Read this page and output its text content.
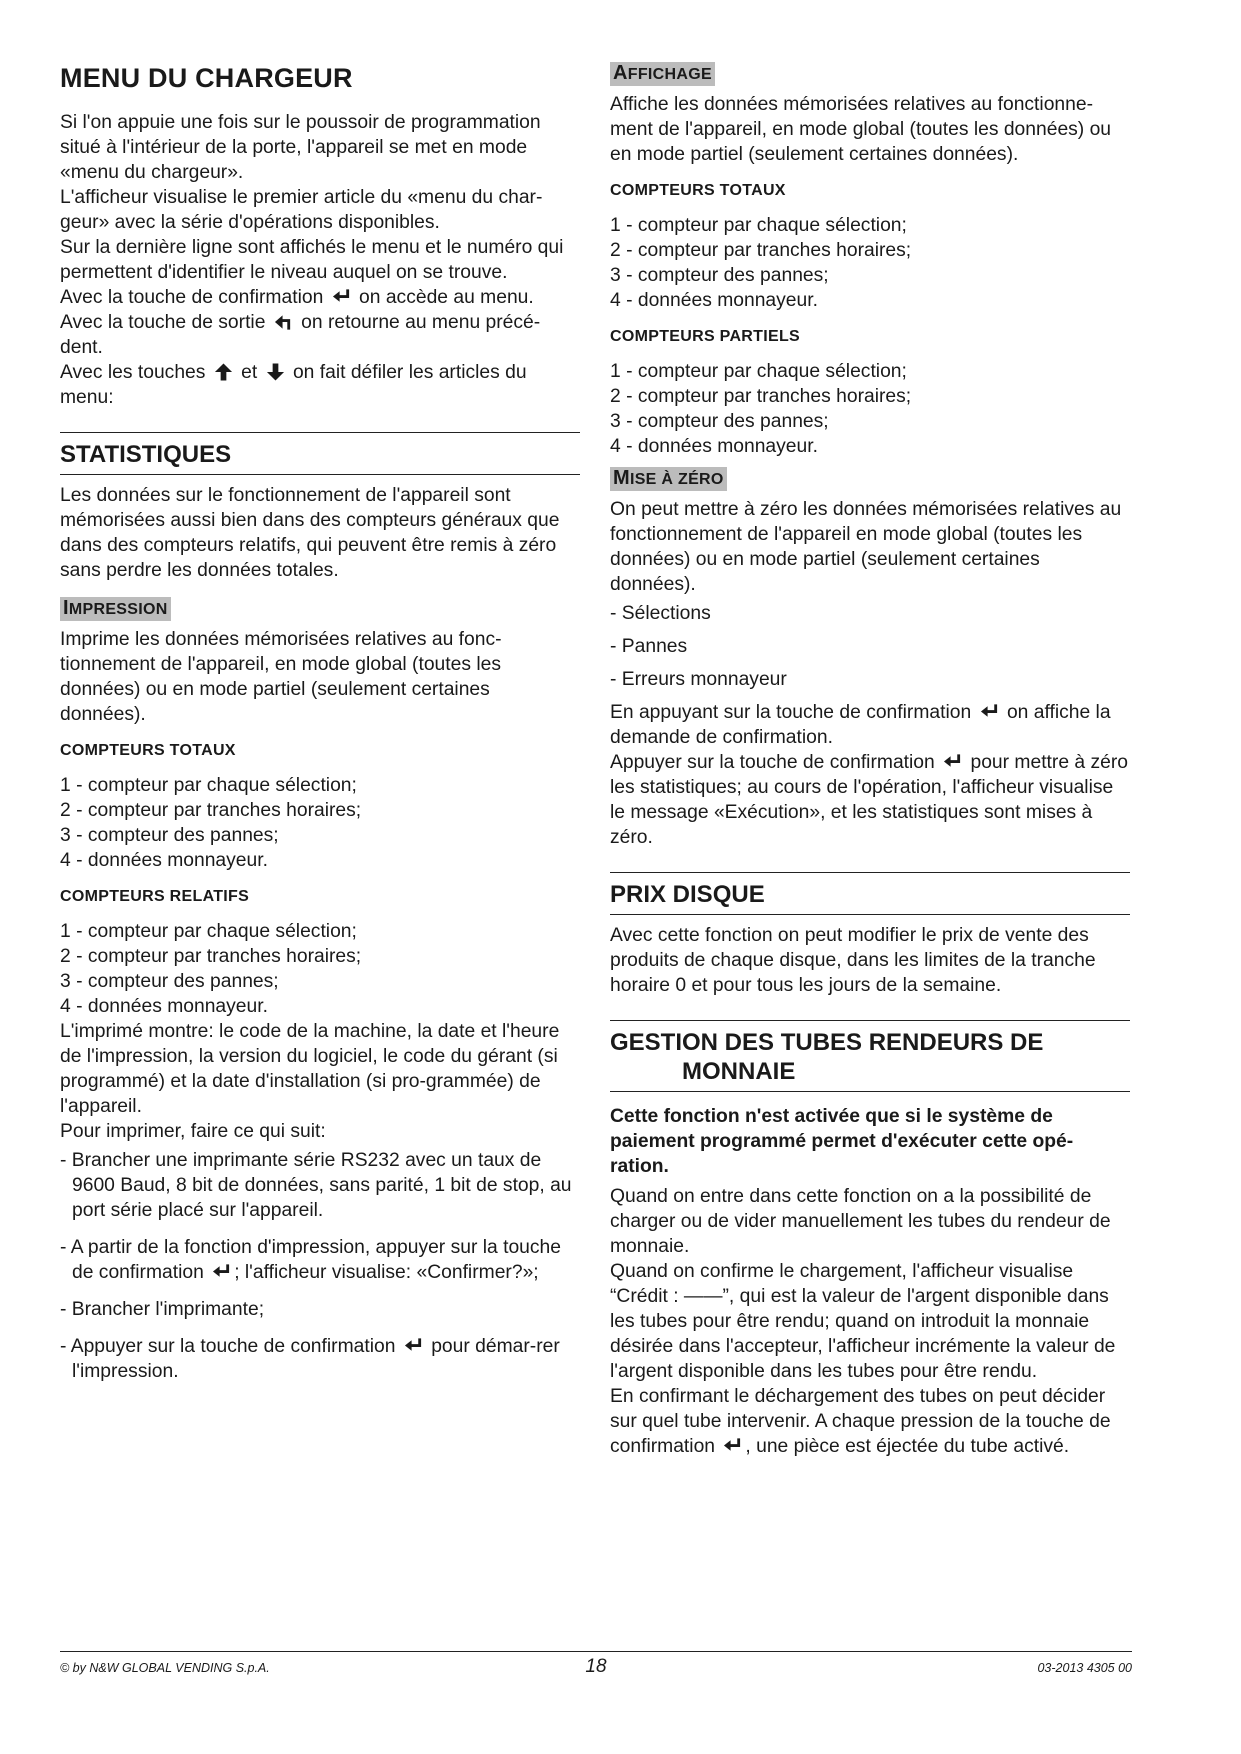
MENU DU CHARGEUR

Si l'on appuie une fois sur le poussoir de programmation situé à l'intérieur de la porte, l'appareil se met en mode «menu du chargeur».

L'afficheur visualise le premier article du «menu du char-geur» avec la série d'opérations disponibles.

Sur la dernière ligne sont affichés le menu et le numéro qui permettent d'identifier le niveau auquel on se trouve.

Avec la touche de confirmation on accède au menu.

Avec la touche de sortie on retourne au menu précé-dent.

Avec les touches et on fait défiler les articles du menu:

STATISTIQUES

Les données sur le fonctionnement de l'appareil sont mémorisées aussi bien dans des compteurs généraux que dans des compteurs relatifs, qui peuvent être remis à zéro sans perdre les données totales.

IMPRESSION

Imprime les données mémorisées relatives au fonc-tionnement de l'appareil, en mode global (toutes les données) ou en mode partiel (seulement certaines données).

COMPTEURS TOTAUX

1 - compteur par chaque sélection;

2 - compteur par tranches horaires;

3 - compteur des pannes;

4 - données monnayeur.

COMPTEURS RELATIFS

1 - compteur par chaque sélection;

2 - compteur par tranches horaires;

3 - compteur des pannes;

4 - données monnayeur.

L'imprimé montre: le code de la machine, la date et l'heure de l'impression, la version du logiciel, le code du gérant (si programmé) et la date d'installation (si pro-grammée) de l'appareil.

Pour imprimer, faire ce qui suit:

- Brancher une imprimante série RS232 avec un taux de 9600 Baud, 8 bit de données, sans parité, 1 bit de stop, au port série placé sur l'appareil.

- A partir de la fonction d'impression, appuyer sur la touche de confirmation ; l'afficheur visualise: «Confirmer?»;

- Brancher l'imprimante;

- Appuyer sur la touche de confirmation pour démar-rer l'impression.

AFFICHAGE

Affiche les données mémorisées relatives au fonctionne-ment de l'appareil, en mode global (toutes les données) ou en mode partiel (seulement certaines données).

COMPTEURS TOTAUX

1 - compteur par chaque sélection;

2 - compteur par tranches horaires;

3 - compteur des pannes;

4 - données monnayeur.

COMPTEURS PARTIELS

1 - compteur par chaque sélection;

2 - compteur par tranches horaires;

3 - compteur des pannes;

4 - données monnayeur.

MISE À ZÉRO

On peut mettre à zéro les données mémorisées relatives au fonctionnement de l'appareil en mode global (toutes les données) ou en mode partiel (seulement certaines données).

- Sélections

- Pannes

- Erreurs monnayeur

En appuyant sur la touche de confirmation on affiche la demande de confirmation.

Appuyer sur la touche de confirmation pour mettre à zéro les statistiques; au cours de l'opération, l'afficheur visualise le message «Exécution», et les statistiques sont mises à zéro.

PRIX DISQUE

Avec cette fonction on peut modifier le prix de vente des produits de chaque disque, dans les limites de la tranche horaire 0 et pour tous les jours de la semaine.

GESTION DES TUBES RENDEURS DE
MONNAIE

Cette fonction n'est activée que si le système de paiement programmé permet d'exécuter cette opé-ration.

Quand on entre dans cette fonction on a la possibilité de charger ou de vider manuellement les tubes du rendeur de monnaie.

Quand on confirme le chargement, l'afficheur visualise “Crédit : ——”, qui est la valeur de l'argent disponible dans les tubes pour être rendu; quand on introduit la monnaie désirée dans l'accepteur, l'afficheur incrémente la valeur de l'argent disponible dans les tubes pour être rendu.

En confirmant le déchargement des tubes on peut décider sur quel tube intervenir. A chaque pression de la touche de confirmation , une pièce est éjectée du tube activé.

© by N&W GLOBAL VENDING S.p.A.	18	03-2013 4305 00
